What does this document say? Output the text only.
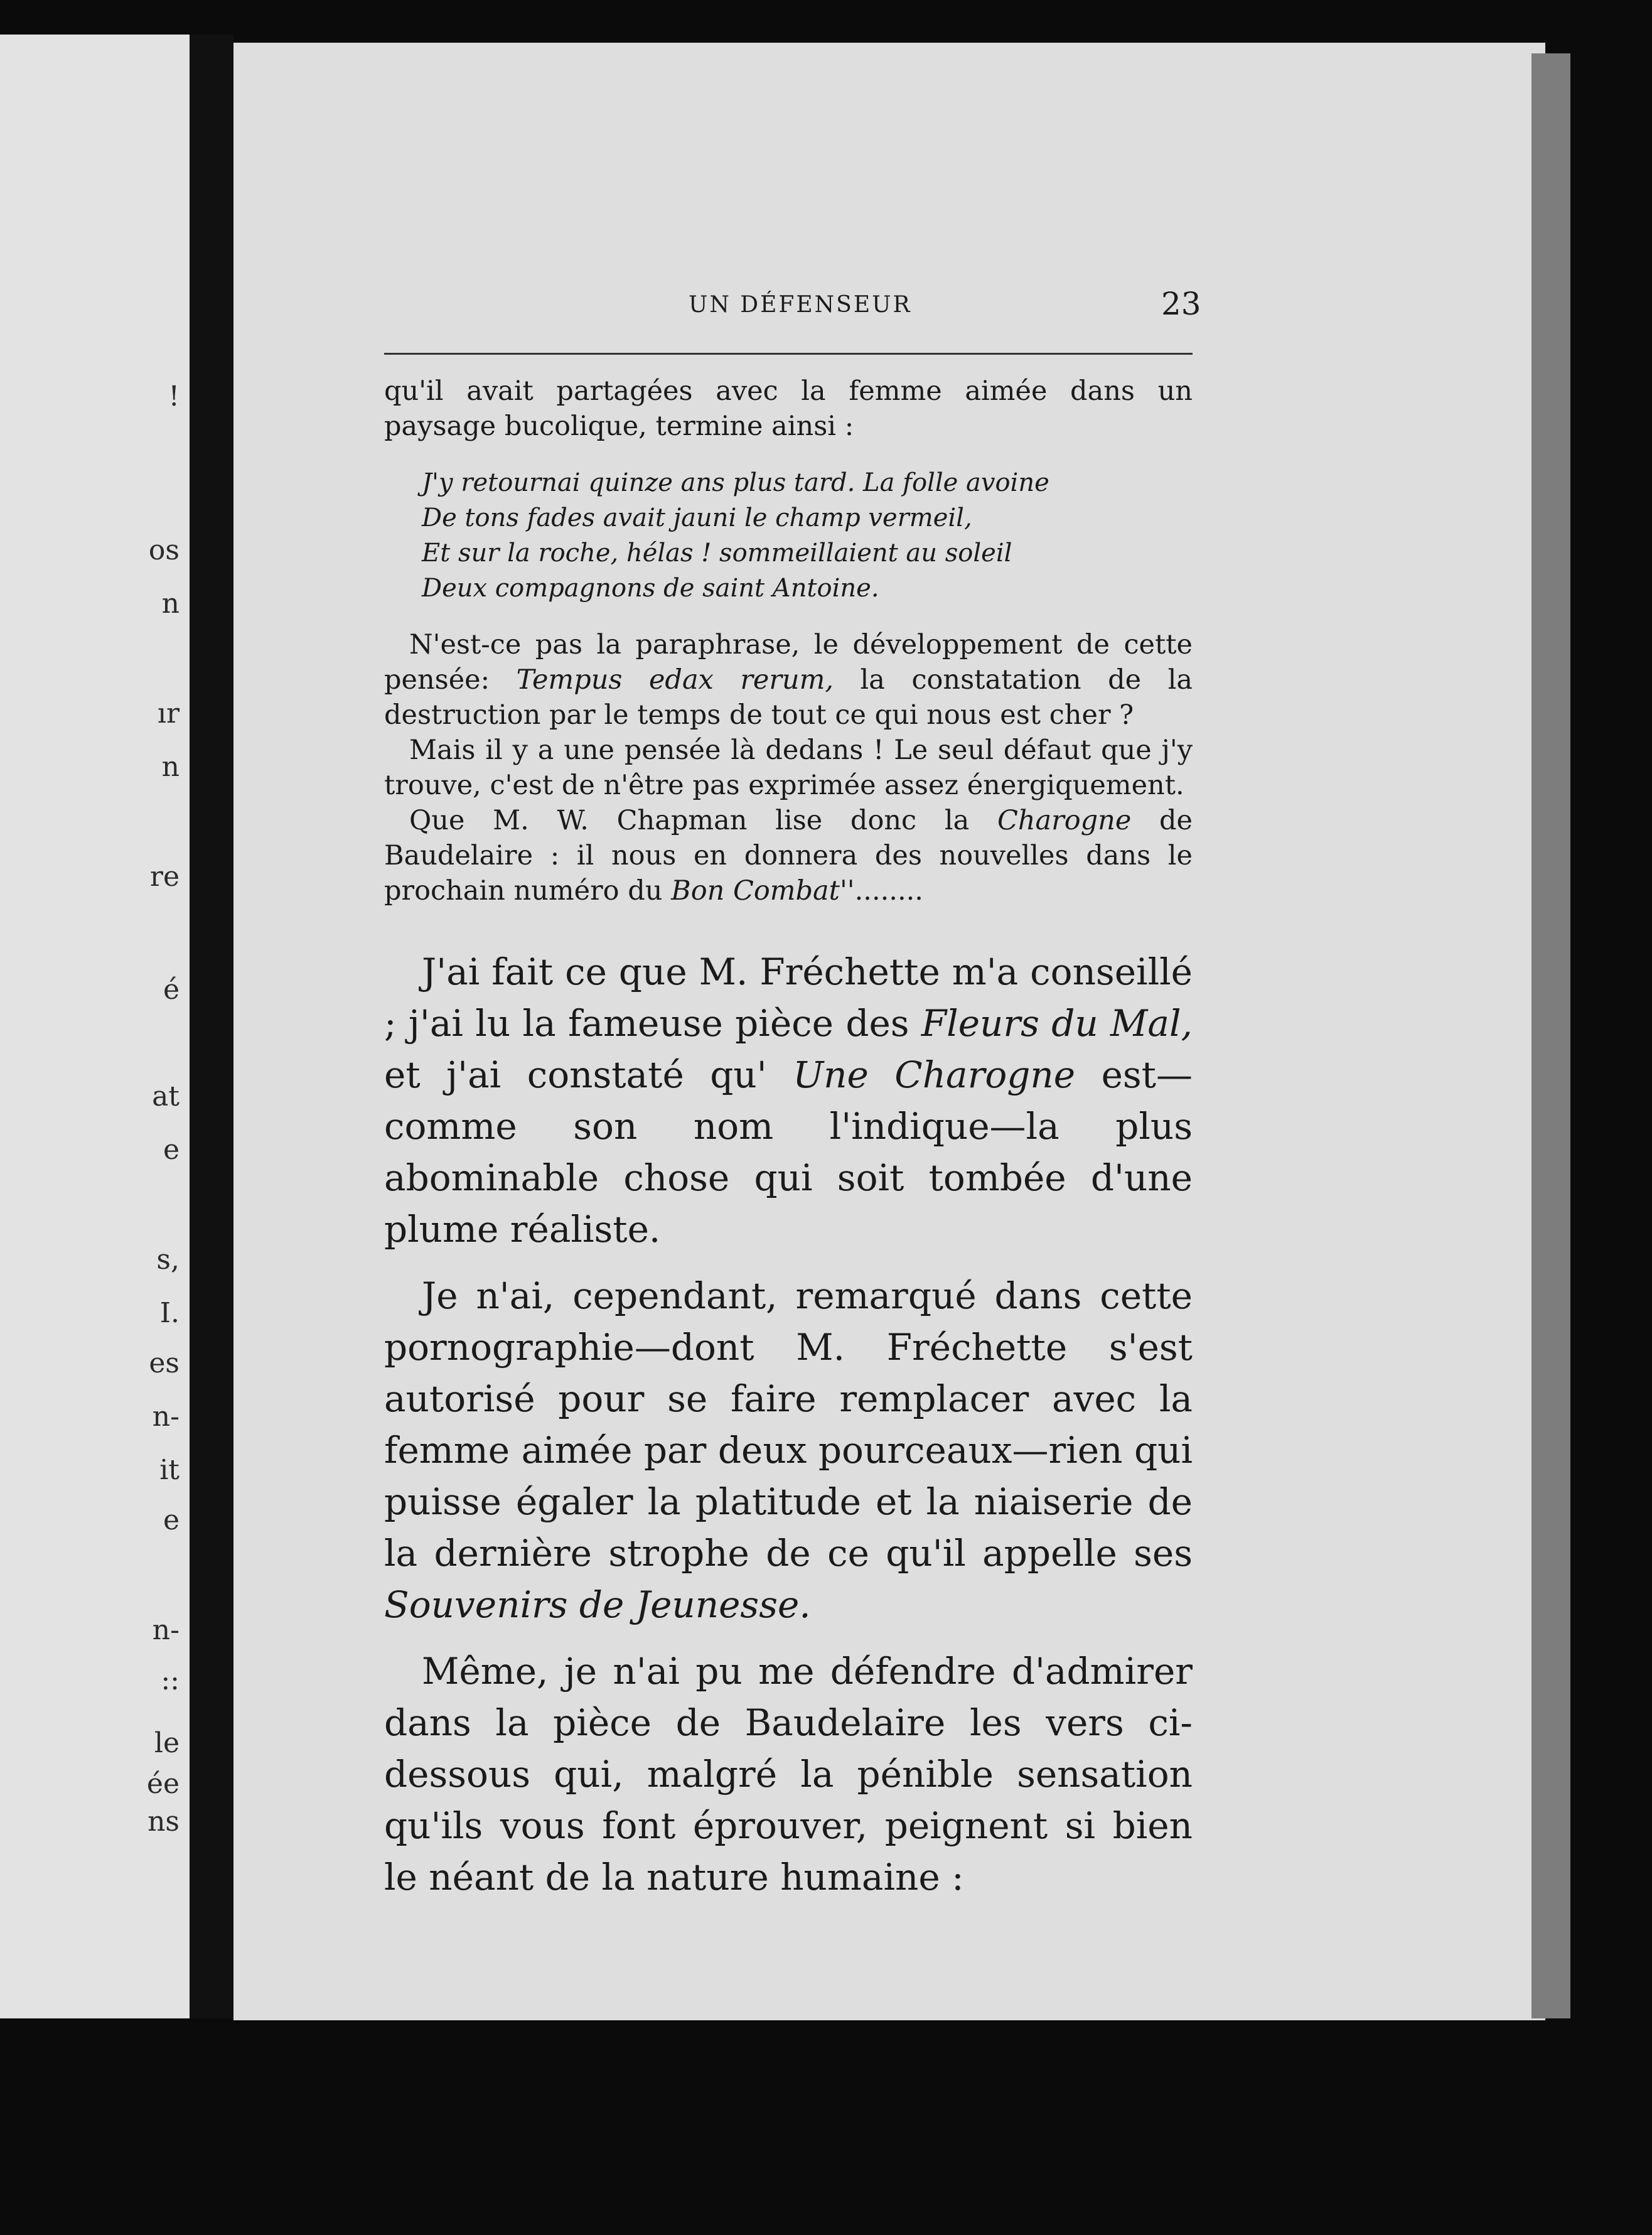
!
os
n
ır
n
re
é
at
e
s,
I.
es
n-
it
e
n-
::
le
ée
ns
UN DÉFENSEUR	23

qu'il avait partagées avec la femme aimée dans un paysage bucolique, termine ainsi :

J'y retournai quinze ans plus tard. La folle avoine
De tons fades avait jauni le champ vermeil,
Et sur la roche, hélas ! sommeillaient au soleil
Deux compagnons de saint Antoine.

N'est-ce pas la paraphrase, le développement de cette pensée: Tempus edax rerum, la constatation de la destruction par le temps de tout ce qui nous est cher ?

Mais il y a une pensée là dedans ! Le seul défaut que j'y trouve, c'est de n'être pas exprimée assez énergiquement.

Que M. W. Chapman lise donc la Charogne de Baudelaire : il nous en donnera des nouvelles dans le prochain numéro du Bon Combat''........

J'ai fait ce que M. Fréchette m'a conseillé ; j'ai lu la fameuse pièce des Fleurs du Mal, et j'ai constaté qu' Une Charogne est—comme son nom l'indique—la plus abominable chose qui soit tombée d'une plume réaliste.

Je n'ai, cependant, remarqué dans cette pornographie—dont M. Fréchette s'est autorisé pour se faire remplacer avec la femme aimée par deux pourceaux—rien qui puisse égaler la platitude et la niaiserie de la dernière strophe de ce qu'il appelle ses Souvenirs de Jeunesse.

Même, je n'ai pu me défendre d'admirer dans la pièce de Baudelaire les vers ci-dessous qui, malgré la pénible sensation qu'ils vous font éprouver, peignent si bien le néant de la nature humaine :
